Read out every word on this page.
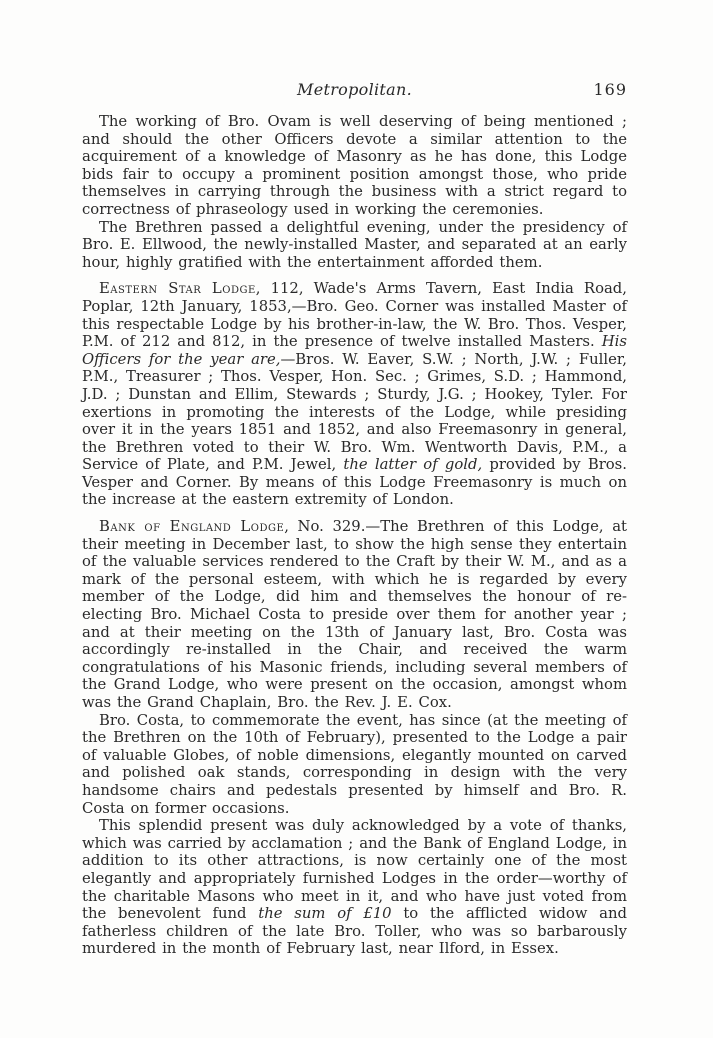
Metropolitan.	169

The working of Bro. Ovam is well deserving of being mentioned ; and should the other Officers devote a similar attention to the acquirement of a knowledge of Masonry as he has done, this Lodge bids fair to occupy a prominent position amongst those, who pride themselves in carrying through the business with a strict regard to correctness of phraseology used in working the ceremonies.

The Brethren passed a delightful evening, under the presidency of Bro. E. Ellwood, the newly-installed Master, and separated at an early hour, highly gratified with the entertainment afforded them.

Eastern Star Lodge, 112, Wade's Arms Tavern, East India Road, Poplar, 12th January, 1853,—Bro. Geo. Corner was installed Master of this respectable Lodge by his brother-in-law, the W. Bro. Thos. Vesper, P.M. of 212 and 812, in the presence of twelve installed Masters. His Officers for the year are,—Bros. W. Eaver, S.W. ; North, J.W. ; Fuller, P.M., Treasurer ; Thos. Vesper, Hon. Sec. ; Grimes, S.D. ; Hammond, J.D. ; Dunstan and Ellim, Stewards ; Sturdy, J.G. ; Hookey, Tyler. For exertions in promoting the interests of the Lodge, while presiding over it in the years 1851 and 1852, and also Freemasonry in general, the Brethren voted to their W. Bro. Wm. Wentworth Davis, P.M., a Service of Plate, and P.M. Jewel, the latter of gold, provided by Bros. Vesper and Corner. By means of this Lodge Freemasonry is much on the increase at the eastern extremity of London.

Bank of England Lodge, No. 329.—The Brethren of this Lodge, at their meeting in December last, to show the high sense they entertain of the valuable services rendered to the Craft by their W. M., and as a mark of the personal esteem, with which he is regarded by every member of the Lodge, did him and themselves the honour of re-electing Bro. Michael Costa to preside over them for another year ; and at their meeting on the 13th of January last, Bro. Costa was accordingly re-installed in the Chair, and received the warm congratulations of his Masonic friends, including several members of the Grand Lodge, who were present on the occasion, amongst whom was the Grand Chaplain, Bro. the Rev. J. E. Cox.

Bro. Costa, to commemorate the event, has since (at the meeting of the Brethren on the 10th of February), presented to the Lodge a pair of valuable Globes, of noble dimensions, elegantly mounted on carved and polished oak stands, corresponding in design with the very handsome chairs and pedestals presented by himself and Bro. R. Costa on former occasions.

This splendid present was duly acknowledged by a vote of thanks, which was carried by acclamation ; and the Bank of England Lodge, in addition to its other attractions, is now certainly one of the most elegantly and appropriately furnished Lodges in the order—worthy of the charitable Masons who meet in it, and who have just voted from the benevolent fund the sum of £10 to the afflicted widow and fatherless children of the late Bro. Toller, who was so barbarously murdered in the month of February last, near Ilford, in Essex.
